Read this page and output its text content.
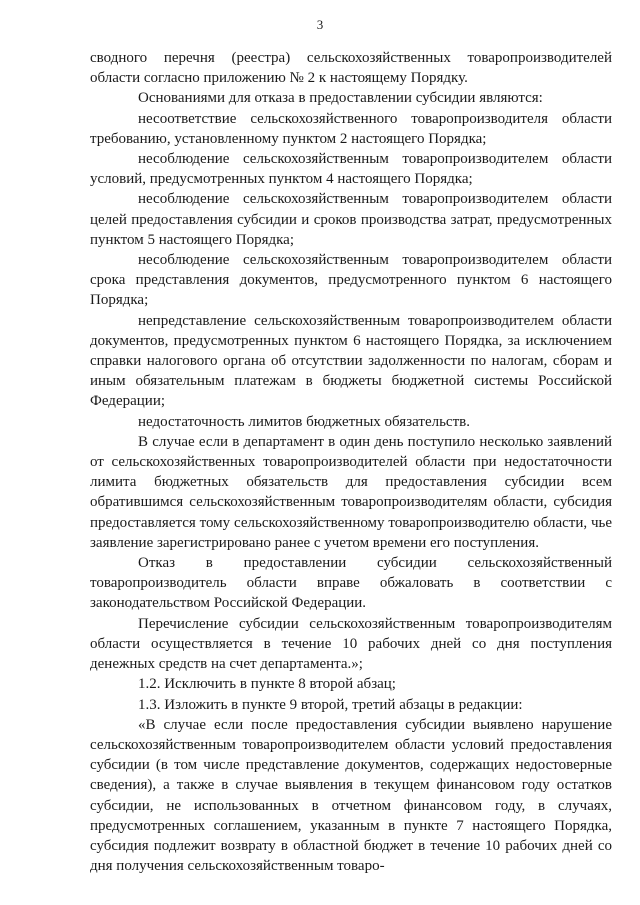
3

сводного перечня (реестра) сельскохозяйственных товаропроизводителей области согласно приложению № 2 к настоящему Порядку.

Основаниями для отказа в предоставлении субсидии являются:

несоответствие сельскохозяйственного товаропроизводителя области требованию, установленному пунктом 2 настоящего Порядка;

несоблюдение сельскохозяйственным товаропроизводителем области условий, предусмотренных пунктом 4 настоящего Порядка;

несоблюдение сельскохозяйственным товаропроизводителем области целей предоставления субсидии и сроков производства затрат, предусмотренных пунктом 5 настоящего Порядка;

несоблюдение сельскохозяйственным товаропроизводителем области срока представления документов, предусмотренного пунктом 6 настоящего Порядка;

непредставление сельскохозяйственным товаропроизводителем области документов, предусмотренных пунктом 6 настоящего Порядка, за исключением справки налогового органа об отсутствии задолженности по налогам, сборам и иным обязательным платежам в бюджеты бюджетной системы Российской Федерации;

недостаточность лимитов бюджетных обязательств.

В случае если в департамент в один день поступило несколько заявлений от сельскохозяйственных товаропроизводителей области при недостаточности лимита бюджетных обязательств для предоставления субсидии всем обратившимся сельскохозяйственным товаропроизводителям области, субсидия предоставляется тому сельскохозяйственному товаропроизводителю области, чье заявление зарегистрировано ранее с учетом времени его поступления.

Отказ в предоставлении субсидии сельскохозяйственный товаропроизводитель области вправе обжаловать в соответствии с законодательством Российской Федерации.

Перечисление субсидии сельскохозяйственным товаропроизводителям области осуществляется в течение 10 рабочих дней со дня поступления денежных средств на счет департамента.»;

1.2. Исключить в пункте 8 второй абзац;

1.3. Изложить в пункте 9 второй, третий абзацы в редакции:

«В случае если после предоставления субсидии выявлено нарушение сельскохозяйственным товаропроизводителем области условий предоставления субсидии (в том числе представление документов, содержащих недостоверные сведения), а также в случае выявления в текущем финансовом году остатков субсидии, не использованных в отчетном финансовом году, в случаях, предусмотренных соглашением, указанным в пункте 7 настоящего Порядка, субсидия подлежит возврату в областной бюджет в течение 10 рабочих дней со дня получения сельскохозяйственным товаро-
